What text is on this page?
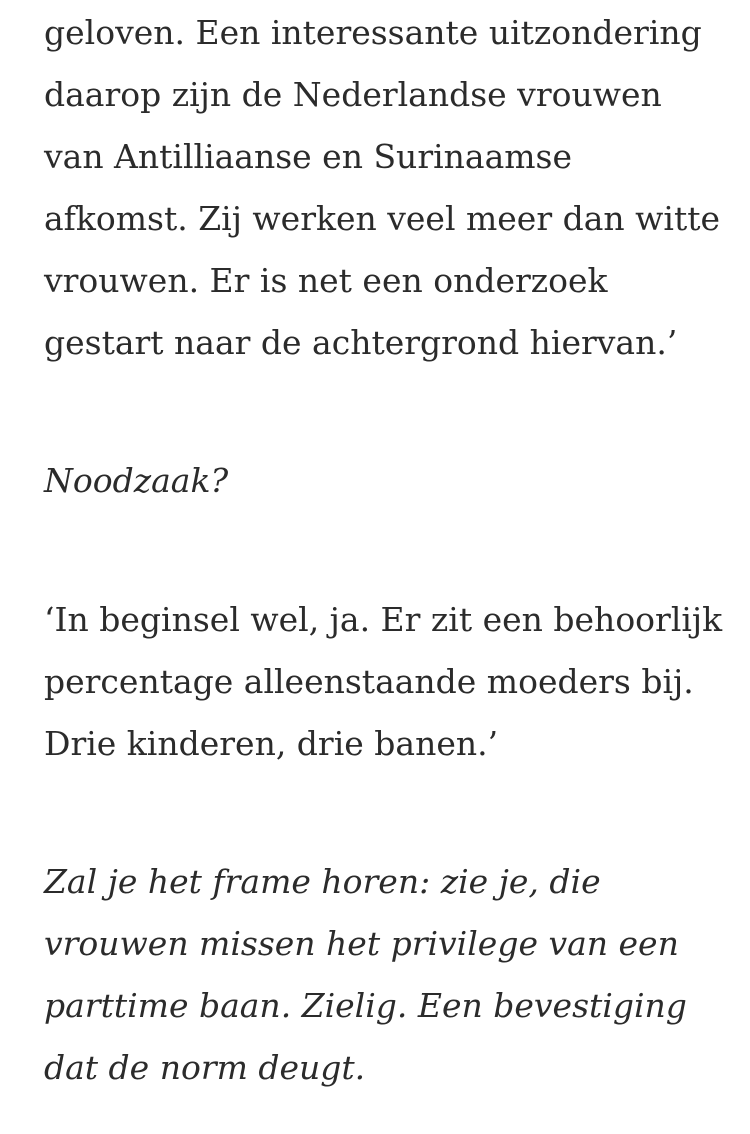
geloven. Een interessante uitzondering
daarop zijn de Nederlandse vrouwen
van Antilliaanse en Surinaamse
afkomst. Zij werken veel meer dan witte
vrouwen. Er is net een onderzoek
gestart naar de achtergrond hiervan.’

Noodzaak?

‘In beginsel wel, ja. Er zit een behoorlijk
percentage alleenstaande moeders bij.
Drie kinderen, drie banen.’

Zal je het frame horen: zie je, die
vrouwen missen het privilege van een
parttime baan. Zielig. Een bevestiging
dat de norm deugt.
